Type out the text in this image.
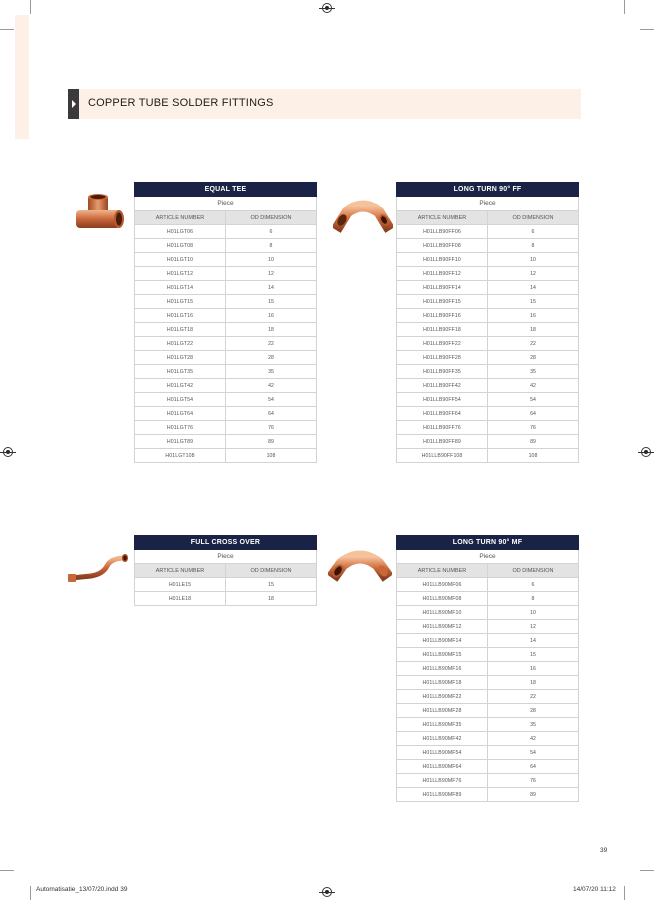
COPPER TUBE SOLDER FITTINGS
EQUAL TEE	
Piece	
ARTICLE NUMBER	OD DIMENSION
H01LGT06	6
H01LGT08	8
H01LGT10	10
H01LGT12	12
H01LGT14	14
H01LGT15	15
H01LGT16	16
H01LGT18	18
H01LGT22	22
H01LGT28	28
H01LGT35	35
H01LGT42	42
H01LGT54	54
H01LGT64	64
H01LGT76	76
H01LGT89	89
H01LGT108	108
LONG TURN 90° FF	
Piece	
ARTICLE NUMBER	OD DIMENSION
H01LLB90FF06	6
H01LLB90FF08	8
H01LLB90FF10	10
H01LLB90FF12	12
H01LLB90FF14	14
H01LLB90FF15	15
H01LLB90FF16	16
H01LLB90FF18	18
H01LLB90FF22	22
H01LLB90FF28	28
H01LLB90FF35	35
H01LLB90FF42	42
H01LLB90FF54	54
H01LLB90FF64	64
H01LLB90FF76	76
H01LLB90FF89	89
H01LLB90FF108	108
FULL CROSS OVER	
Piece	
ARTICLE NUMBER	OD DIMENSION
H01LE15	15
H01LE18	18
LONG TURN 90° MF	
Piece	
ARTICLE NUMBER	OD DIMENSION
H01LLB90MF06	6
H01LLB90MF08	8
H01LLB90MF10	10
H01LLB90MF12	12
H01LLB90MF14	14
H01LLB90MF15	15
H01LLB90MF16	16
H01LLB90MF18	18
H01LLB90MF22	22
H01LLB90MF28	28
H01LLB90MF35	35
H01LLB90MF42	42
H01LLB90MF54	54
H01LLB90MF64	64
H01LLB90MF76	76
H01LLB90MF89	89
39
Automatisatie_13/07/20.indd 39	14/07/20 11:12
